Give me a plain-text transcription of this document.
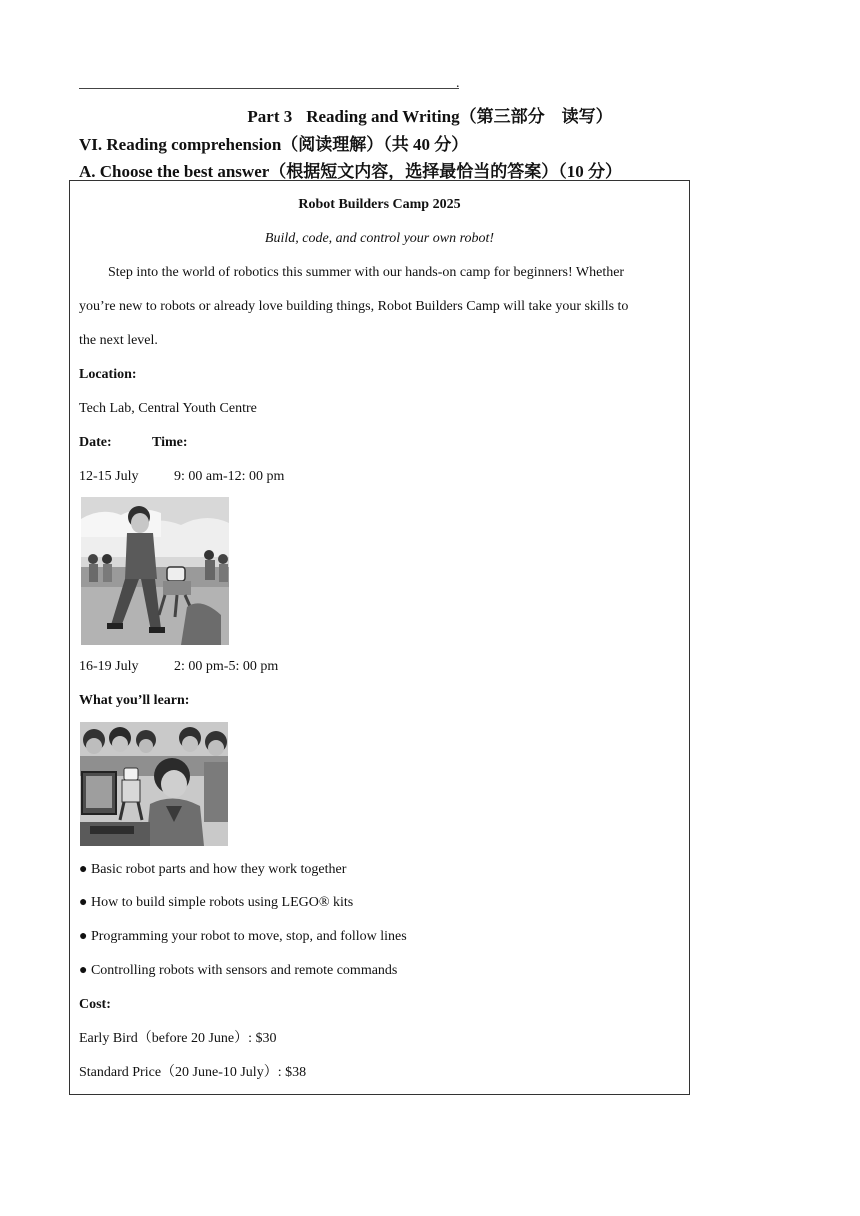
.
Part 3 Reading and Writing（第三部分　读写）
VI. Reading comprehension（阅读理解）（共 40 分）
A. Choose the best answer（根据短文内容，选择最恰当的答案）（10 分）
Robot Builders Camp 2025
Build, code, and control your own robot!
Step into the world of robotics this summer with our hands-on camp for beginners! Whether
you’re new to robots or already love building things, Robot Builders Camp will take your skills to
the next level.
Location:
Tech Lab, Central Youth Centre
Date:	Time:
12-15 July	9: 00 am-12: 00 pm
16-19 July	2: 00 pm-5: 00 pm
What you’ll learn:
● Basic robot parts and how they work together
● How to build simple robots using LEGO® kits
● Programming your robot to move, stop, and follow lines
● Controlling robots with sensors and remote commands
Cost:
Early Bird（before 20 June）: $30
Standard Price（20 June-10 July）: $38
